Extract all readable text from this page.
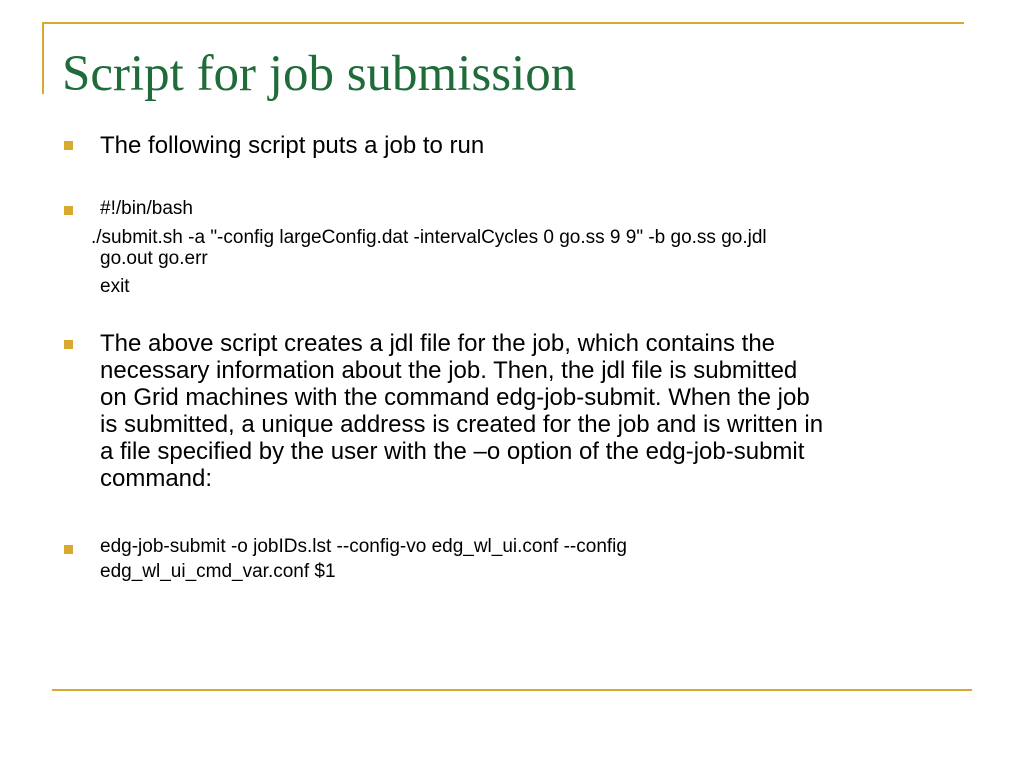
Script for job submission

The following script puts a job to run

#!/bin/bash

./submit.sh -a "-config largeConfig.dat -intervalCycles 0 go.ss 9 9" -b go.ss go.jdl

go.out go.err

exit

The above script creates a jdl file for the job, which contains the

necessary information about the job. Then, the jdl file is submitted

on Grid machines with the command edg-job-submit. When the job

is submitted, a unique address is created for the job and is written in

a file specified by the user with the –o option of the edg-job-submit

command:

edg-job-submit -o jobIDs.lst --config-vo edg_wl_ui.conf --config

edg_wl_ui_cmd_var.conf $1
